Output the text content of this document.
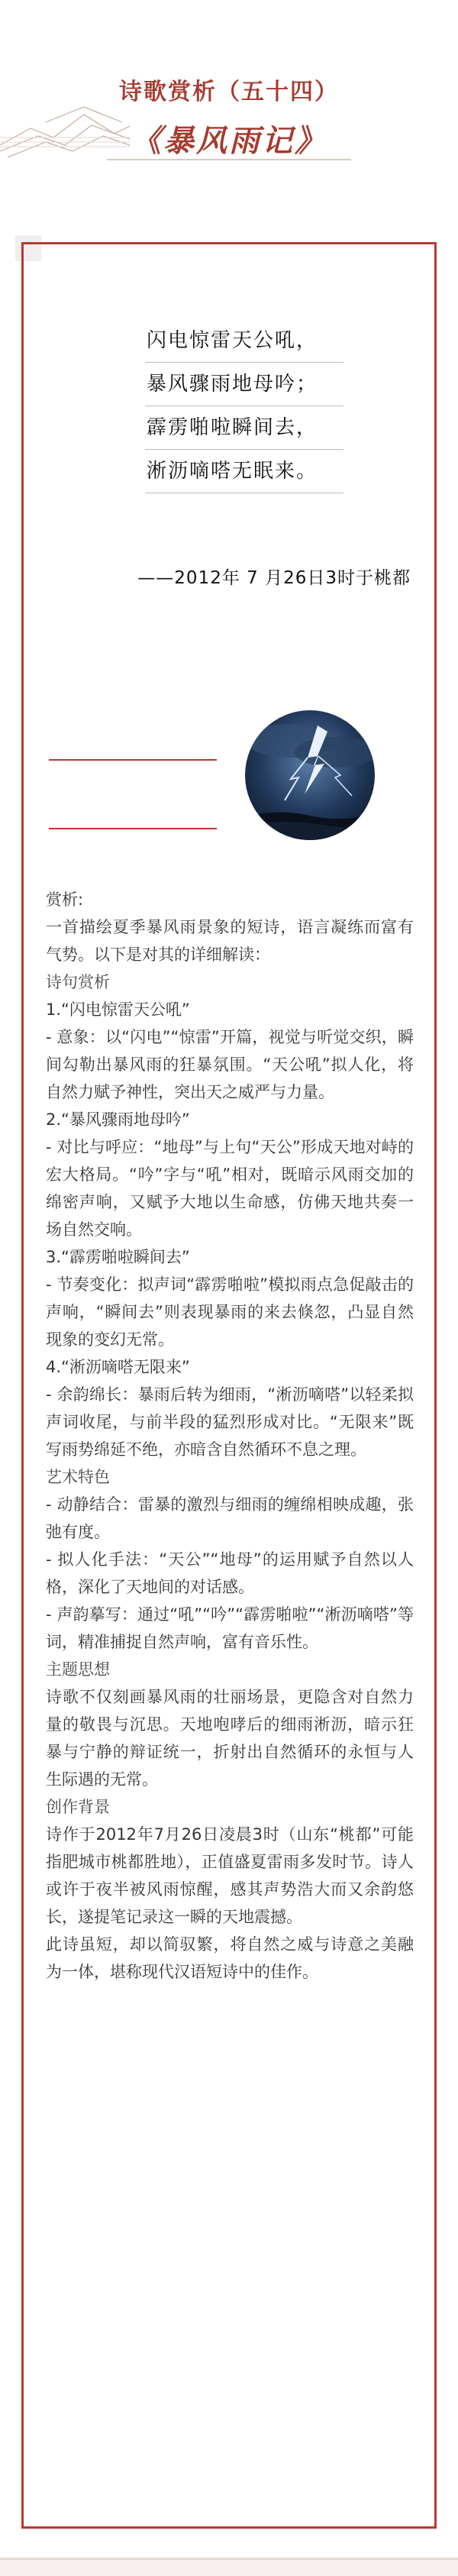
诗歌赏析（五十四）
《暴风雨记》
闪电惊雷天公吼，
暴风骤雨地母吟；
霹雳啪啦瞬间去，
淅沥嘀嗒无眠来。
——2012年 7 月26日3时于桃都

赏析:

一首描绘夏季暴风雨景象的短诗，语言凝练而富有气势。以下是对其的详细解读：

诗句赏析

1.“闪电惊雷天公吼”

- 意象：以“闪电”“惊雷”开篇，视觉与听觉交织，瞬间勾勒出暴风雨的狂暴氛围。“天公吼”拟人化，将自然力赋予神性，突出天之威严与力量。

2.“暴风骤雨地母吟”

- 对比与呼应：“地母”与上句“天公”形成天地对峙的宏大格局。“吟”字与“吼”相对，既暗示风雨交加的绵密声响，又赋予大地以生命感，仿佛天地共奏一场自然交响。

3.“霹雳啪啦瞬间去”

- 节奏变化：拟声词“霹雳啪啦”模拟雨点急促敲击的声响，“瞬间去”则表现暴雨的来去倏忽，凸显自然现象的变幻无常。

4.“淅沥嘀嗒无限来”

- 余韵绵长：暴雨后转为细雨，“淅沥嘀嗒”以轻柔拟声词收尾，与前半段的猛烈形成对比。“无限来”既写雨势绵延不绝，亦暗含自然循环不息之理。

艺术特色

- 动静结合：雷暴的激烈与细雨的缠绵相映成趣，张弛有度。

- 拟人化手法：“天公”“地母”的运用赋予自然以人格，深化了天地间的对话感。

- 声韵摹写：通过“吼”“吟”“霹雳啪啦”“淅沥嘀嗒”等词，精准捕捉自然声响，富有音乐性。

主题思想

诗歌不仅刻画暴风雨的壮丽场景，更隐含对自然力量的敬畏与沉思。天地咆哮后的细雨淅沥，暗示狂暴与宁静的辩证统一，折射出自然循环的永恒与人生际遇的无常。

创作背景

诗作于2012年7月26日凌晨3时（山东“桃都”可能指肥城市桃都胜地），正值盛夏雷雨多发时节。诗人或许于夜半被风雨惊醒，感其声势浩大而又余韵悠长，遂提笔记录这一瞬的天地震撼。

此诗虽短，却以简驭繁，将自然之威与诗意之美融为一体，堪称现代汉语短诗中的佳作。
